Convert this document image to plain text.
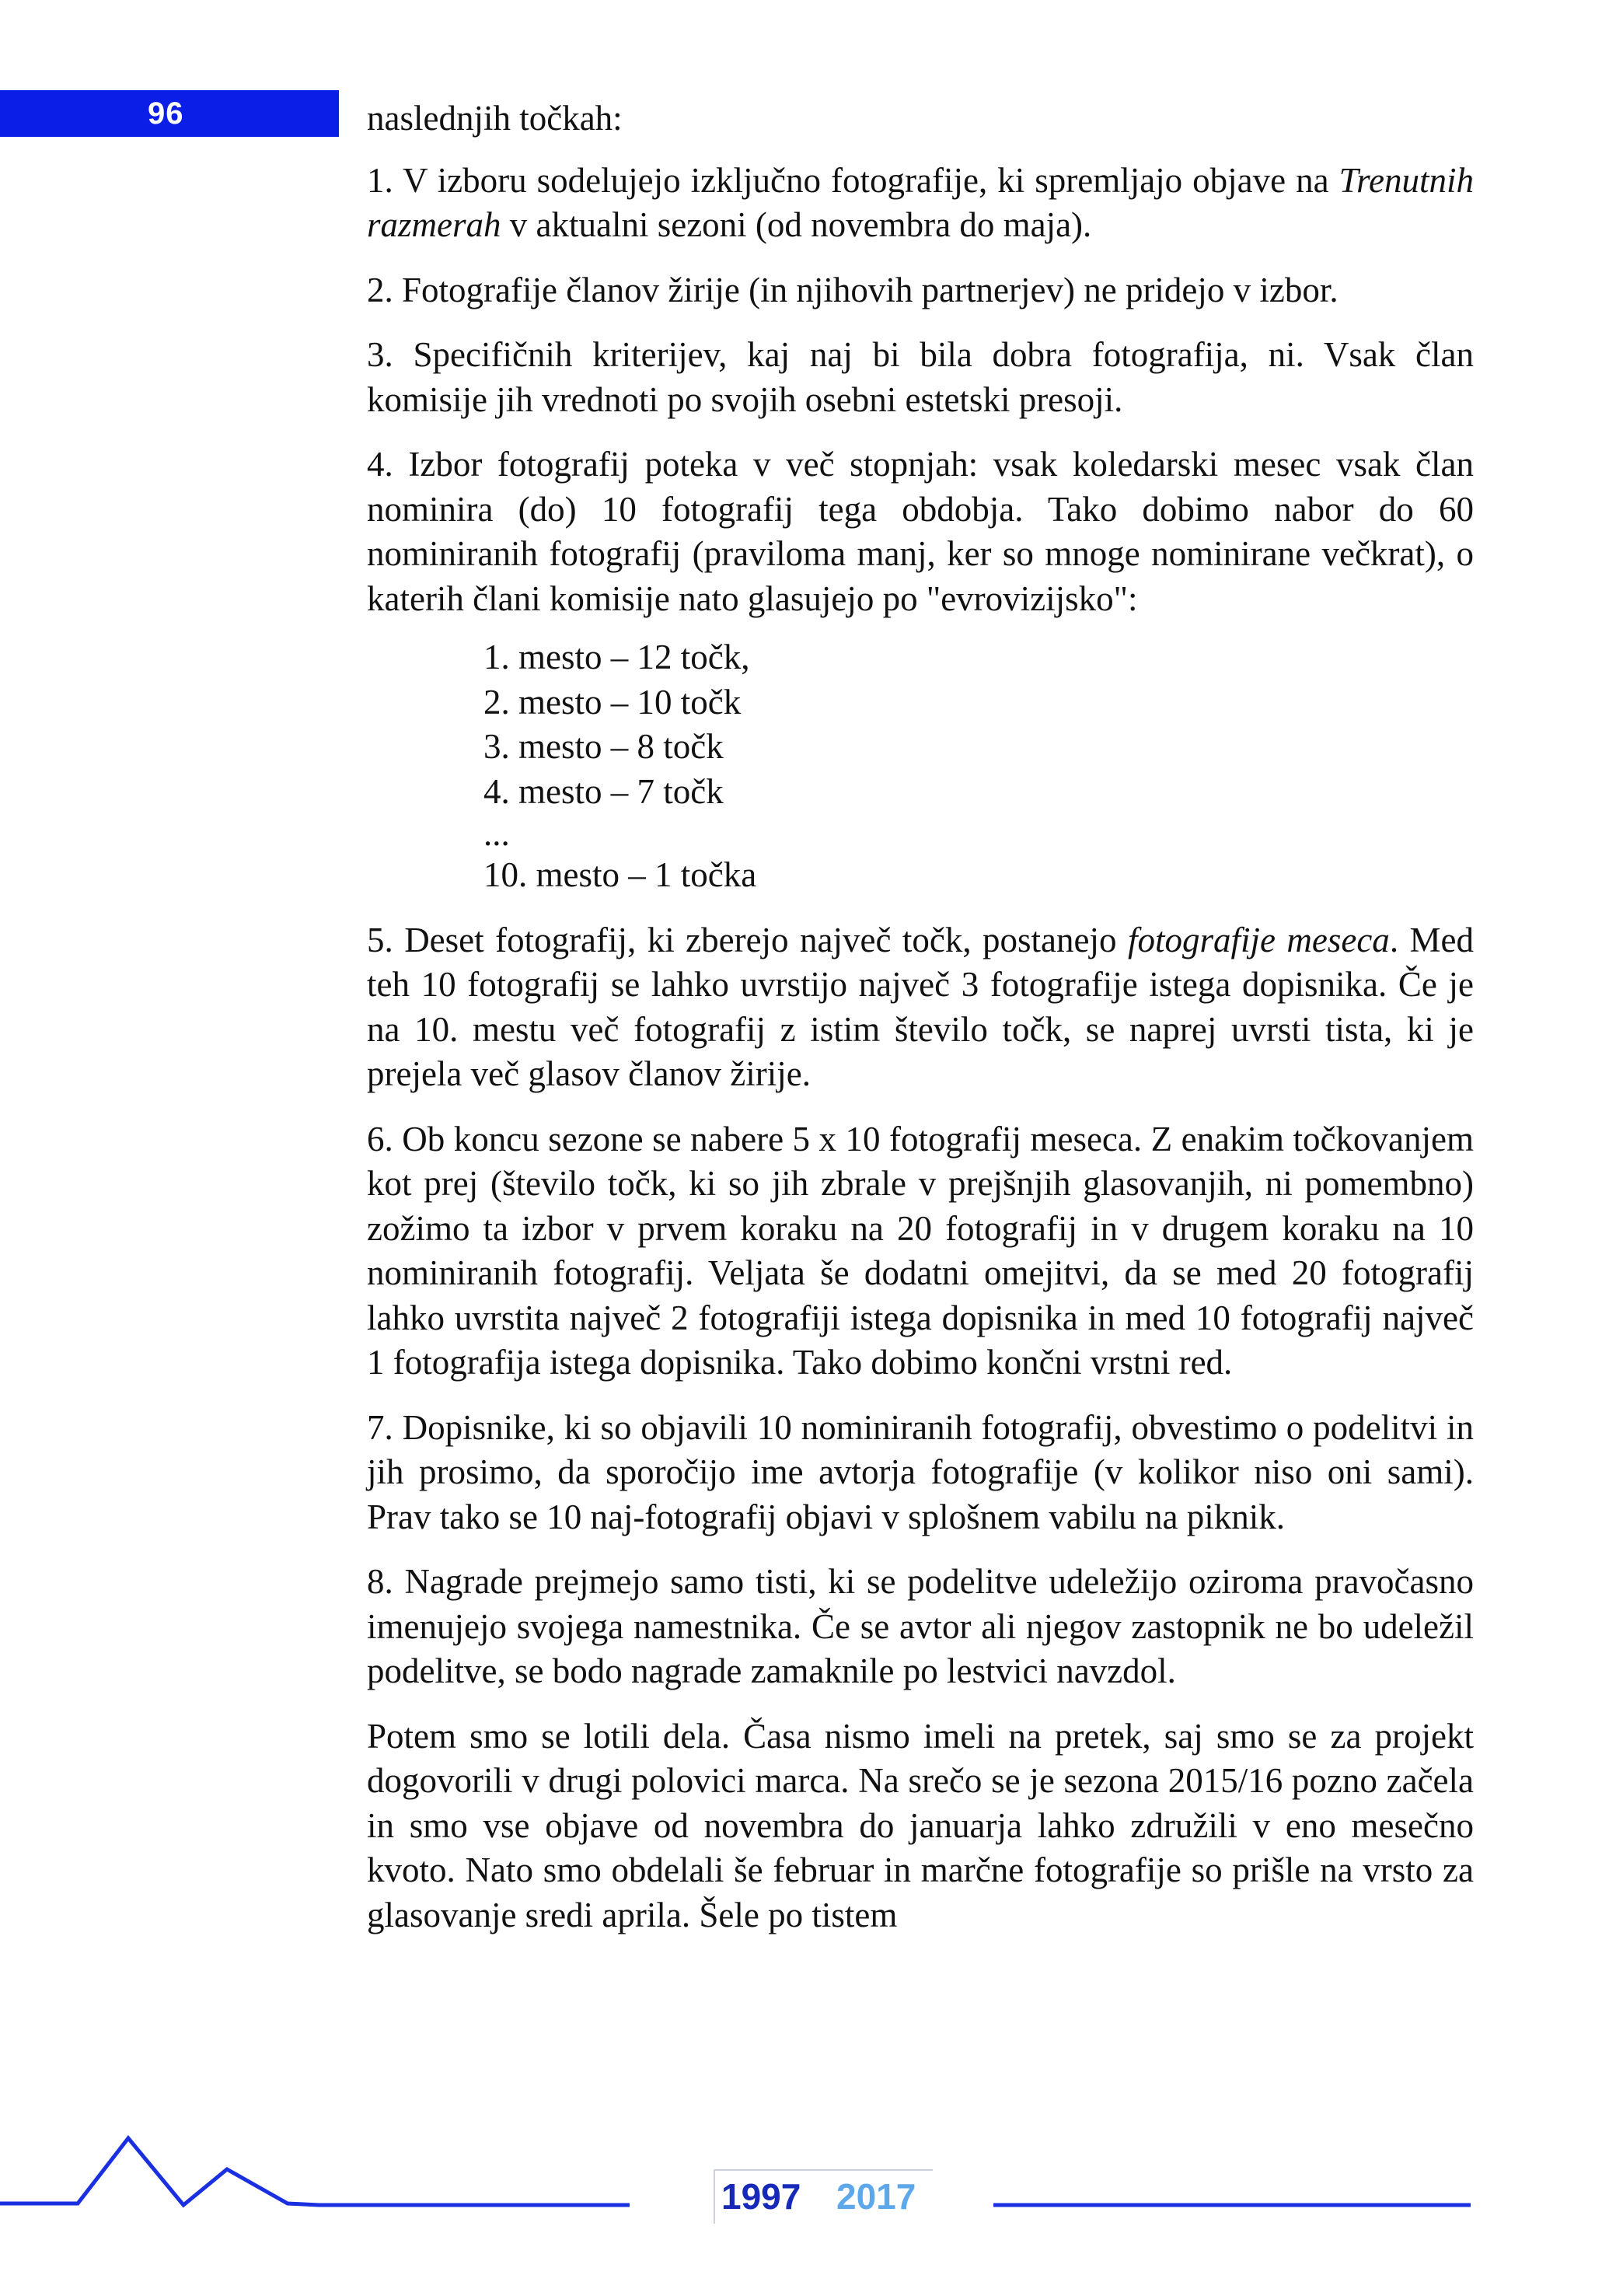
96	naslednjih točkah:

1. V izboru sodelujejo izključno fotografije, ki spremljajo objave na Trenutnih razmerah v aktualni sezoni (od novembra do maja).

2. Fotografije članov žirije (in njihovih partnerjev) ne pridejo v izbor.

3. Specifičnih kriterijev, kaj naj bi bila dobra fotografija, ni. Vsak član komisije jih vrednoti po svojih osebni estetski presoji.

4. Izbor fotografij poteka v več stopnjah: vsak koledarski mesec vsak član nominira (do) 10 fotografij tega obdobja. Tako dobimo nabor do 60 nominiranih fotografij (praviloma manj, ker so mnoge nominirane večkrat), o katerih člani komisije nato glasujejo po "evrovizijsko":

1. mesto – 12 točk,
2. mesto – 10 točk
3. mesto – 8 točk
4. mesto – 7 točk
...
10. mesto – 1 točka

5. Deset fotografij, ki zberejo največ točk, postanejo fotografije meseca. Med teh 10 fotografij se lahko uvrstijo največ 3 fotografije istega dopisnika. Če je na 10. mestu več fotografij z istim število točk, se naprej uvrsti tista, ki je prejela več glasov članov žirije.

6. Ob koncu sezone se nabere 5 x 10 fotografij meseca. Z enakim točkovanjem kot prej (število točk, ki so jih zbrale v prejšnjih glasovanjih, ni pomembno) zožimo ta izbor v prvem koraku na 20 fotografij in v drugem koraku na 10 nominiranih fotografij. Veljata še dodatni omejitvi, da se med 20 fotografij lahko uvrstita največ 2 fotografiji istega dopisnika in med 10 fotografij največ 1 fotografija istega dopisnika. Tako dobimo končni vrstni red.

7. Dopisnike, ki so objavili 10 nominiranih fotografij, obvestimo o podelitvi in jih prosimo, da sporočijo ime avtorja fotografije (v kolikor niso oni sami). Prav tako se 10 naj-fotografij objavi v splošnem vabilu na piknik.

8. Nagrade prejmejo samo tisti, ki se podelitve udeležijo oziroma pravočasno imenujejo svojega namestnika. Če se avtor ali njegov zastopnik ne bo udeležil podelitve, se bodo nagrade zamaknile po lestvici navzdol.

Potem smo se lotili dela. Časa nismo imeli na pretek, saj smo se za projekt dogovorili v drugi polovici marca. Na srečo se je sezona 2015/16 pozno začela in smo vse objave od novembra do januarja lahko združili v eno mesečno kvoto. Nato smo obdelali še februar in marčne fotografije so prišle na vrsto za glasovanje sredi aprila. Šele po tistem

1997 2017
